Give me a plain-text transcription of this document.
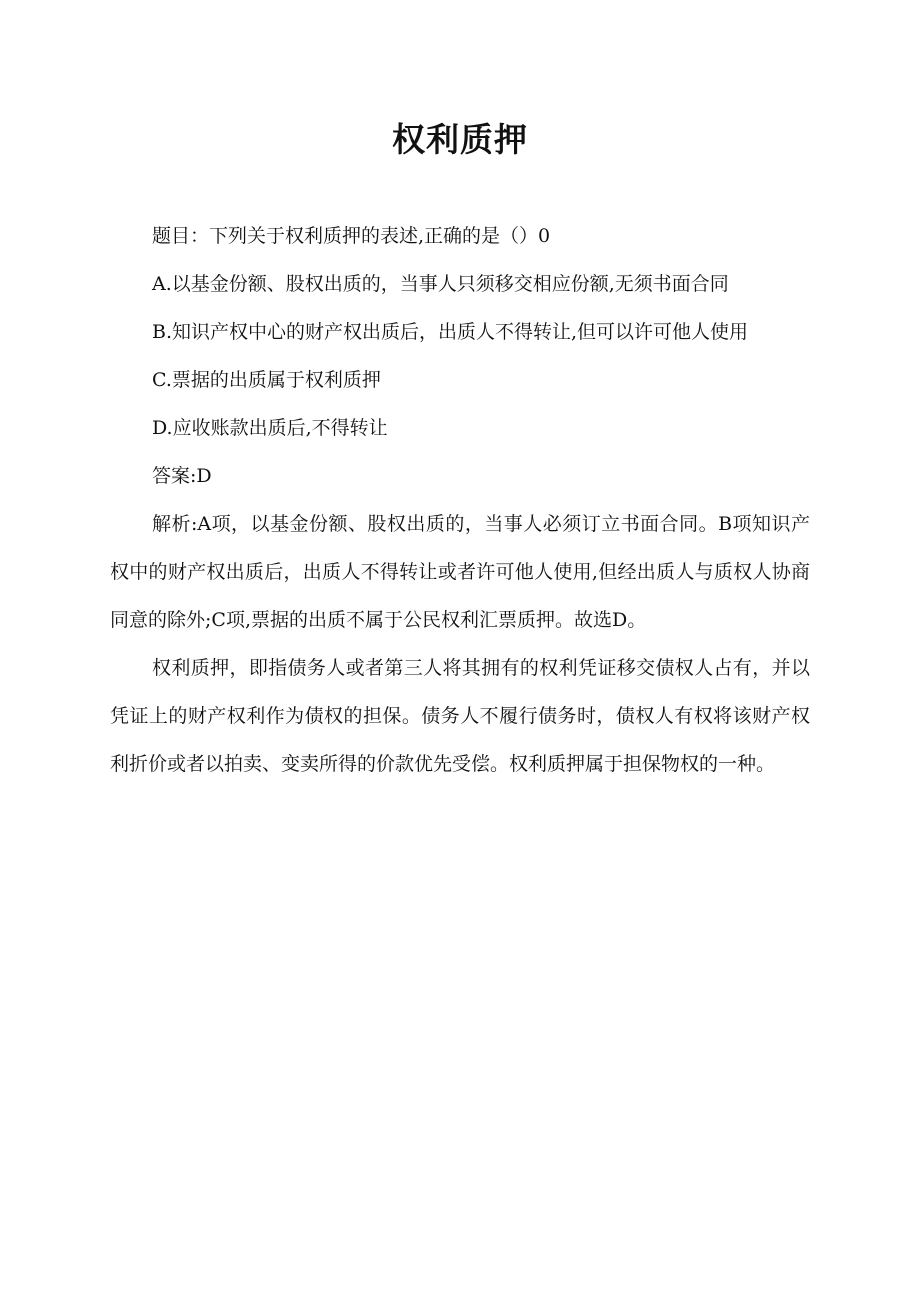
权利质押

题目：下列关于权利质押的表述,正确的是（）0

A.以基金份额、股权出质的，当事人只须移交相应份额,无须书面合同

B.知识产权中心的财产权出质后，出质人不得转让,但可以许可他人使用

C.票据的出质属于权利质押

D.应收账款出质后,不得转让

答案:D

解析:A项，以基金份额、股权出质的，当事人必须订立书面合同。B项知识产权中的财产权出质后，出质人不得转让或者许可他人使用,但经出质人与质权人协商同意的除外;C项,票据的出质不属于公民权利汇票质押。故选D。

权利质押，即指债务人或者第三人将其拥有的权利凭证移交债权人占有，并以凭证上的财产权利作为债权的担保。债务人不履行债务时，债权人有权将该财产权利折价或者以拍卖、变卖所得的价款优先受偿。权利质押属于担保物权的一种。
